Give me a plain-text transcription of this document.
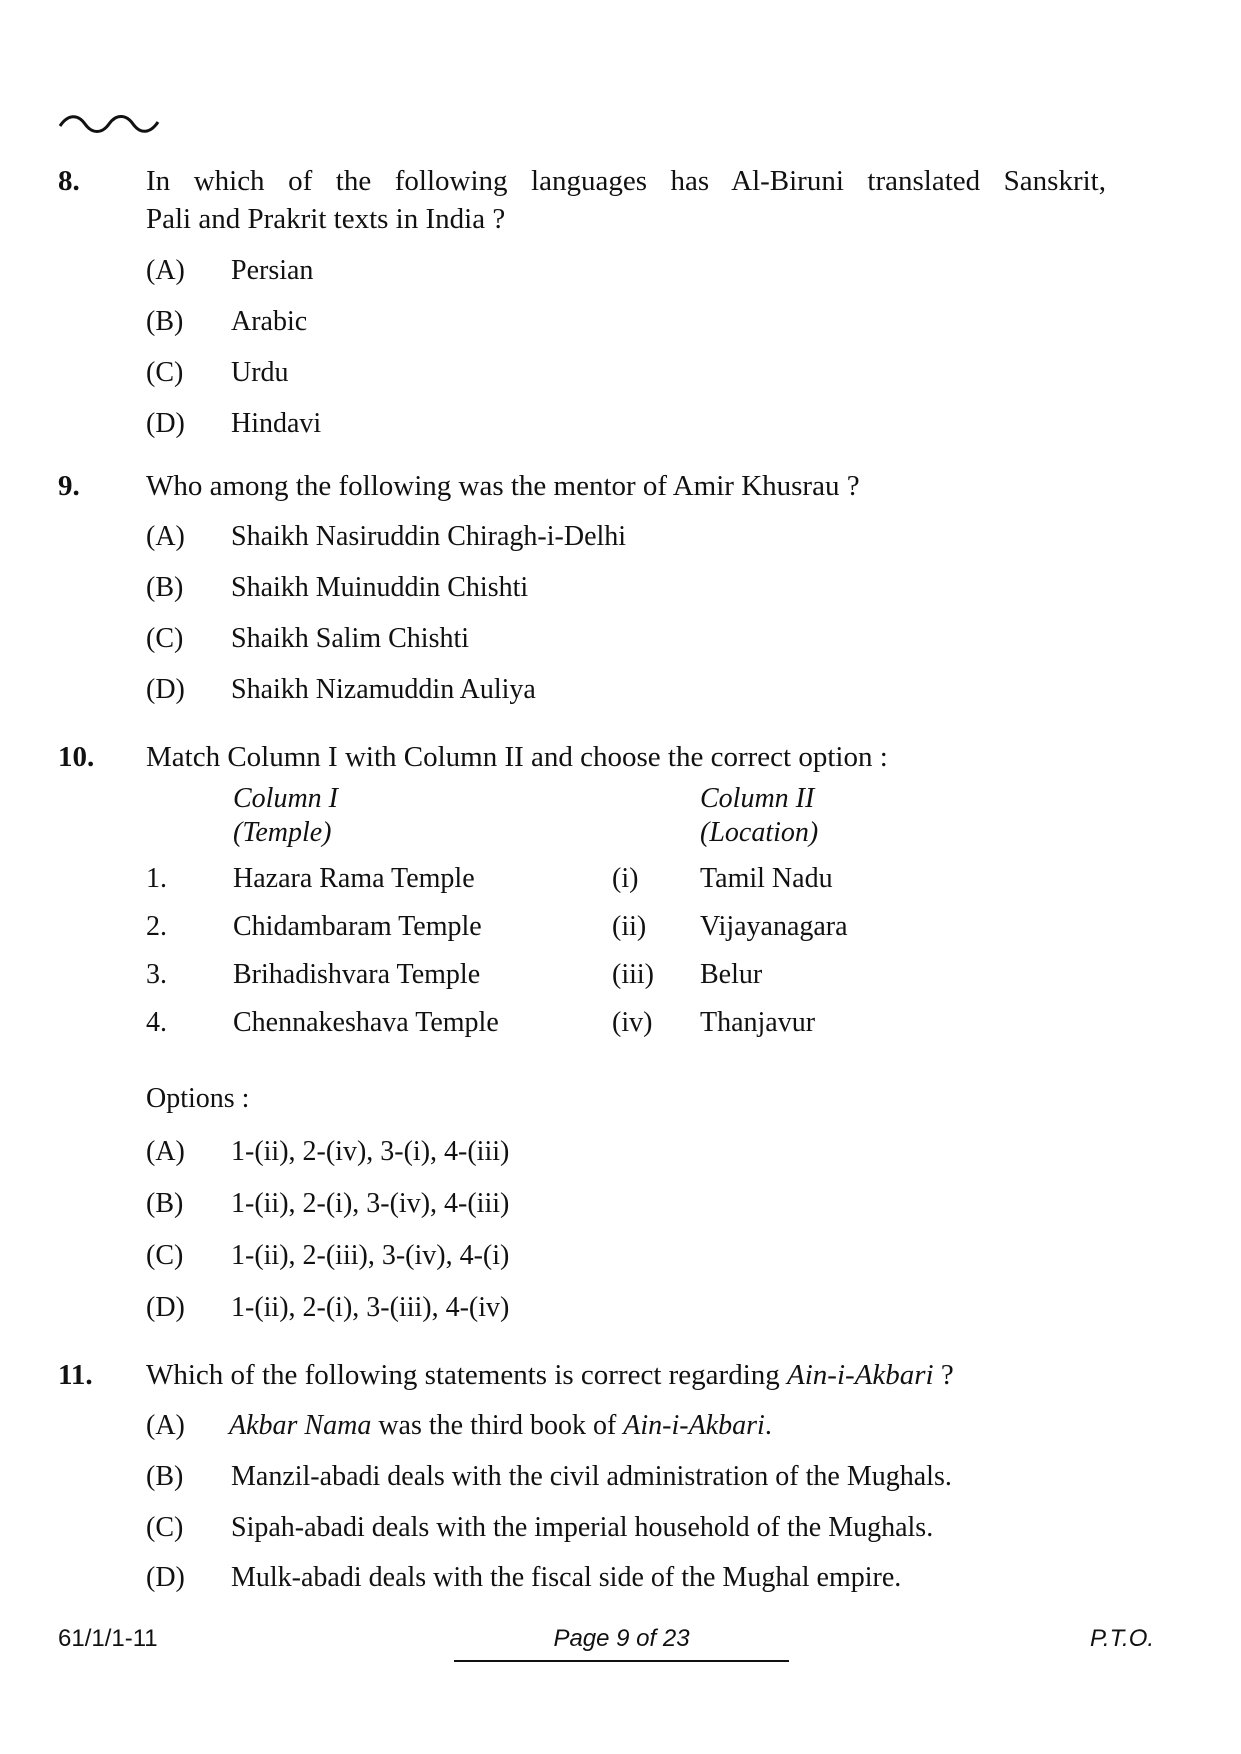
8. In which of the following languages has Al-Biruni translated Sanskrit,
Pali and Prakrit texts in India ?
(A) Persian
(B) Arabic
(C) Urdu
(D) Hindavi
9. Who among the following was the mentor of Amir Khusrau ?
(A) Shaikh Nasiruddin Chiragh-i-Delhi
(B) Shaikh Muinuddin Chishti
(C) Shaikh Salim Chishti
(D) Shaikh Nizamuddin Auliya
10. Match Column I with Column II and choose the correct option :
Column I
(Temple)
Column II
(Location)
1. Hazara Rama Temple	(i) Tamil Nadu
2. Chidambaram Temple	(ii) Vijayanagara
3. Brihadishvara Temple	(iii) Belur
4. Chennakeshava Temple	(iv) Thanjavur
Options :
(A) 1-(ii), 2-(iv), 3-(i), 4-(iii)
(B) 1-(ii), 2-(i), 3-(iv), 4-(iii)
(C) 1-(ii), 2-(iii), 3-(iv), 4-(i)
(D) 1-(ii), 2-(i), 3-(iii), 4-(iv)
11. Which of the following statements is correct regarding Ain-i-Akbari ?
(A) Akbar Nama was the third book of Ain-i-Akbari.
(B) Manzil-abadi deals with the civil administration of the Mughals.
(C) Sipah-abadi deals with the imperial household of the Mughals.
(D) Mulk-abadi deals with the fiscal side of the Mughal empire.
61/1/1-11	Page 9 of 23	P.T.O.
